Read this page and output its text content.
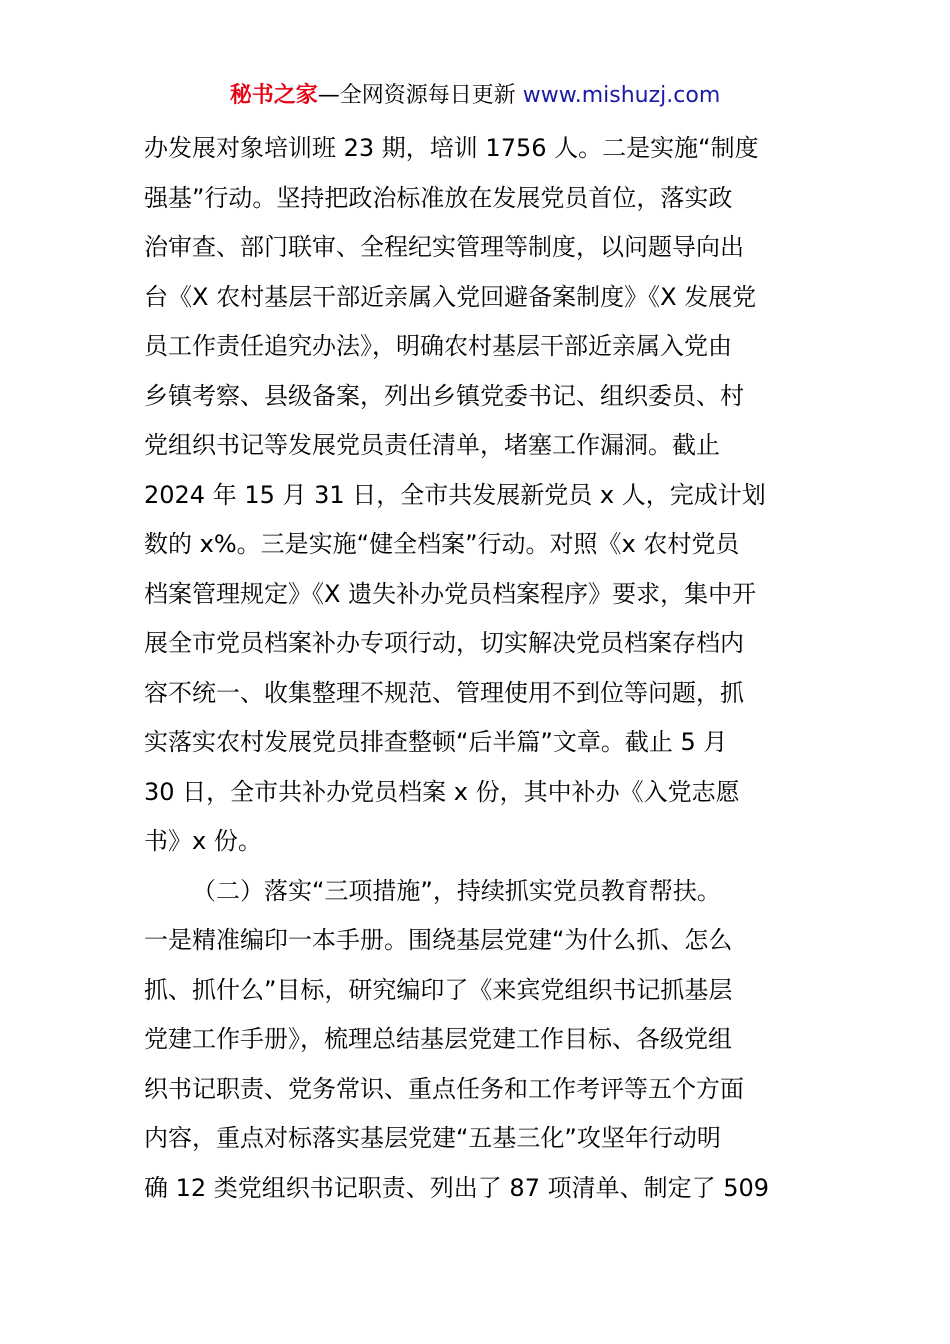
秘书之家—全网资源每日更新 www.mishuzj.com
办发展对象培训班 23 期，培训 1756 人。二是实施“制度
强基”行动。坚持把政治标准放在发展党员首位，落实政
治审查、部门联审、全程纪实管理等制度，以问题导向出
台《X 农村基层干部近亲属入党回避备案制度》《X 发展党
员工作责任追究办法》，明确农村基层干部近亲属入党由
乡镇考察、县级备案，列出乡镇党委书记、组织委员、村
党组织书记等发展党员责任清单，堵塞工作漏洞。截止
2024 年 15 月 31 日，全市共发展新党员 x 人，完成计划
数的 x%。三是实施“健全档案”行动。对照《x 农村党员
档案管理规定》《X 遗失补办党员档案程序》要求，集中开
展全市党员档案补办专项行动，切实解决党员档案存档内
容不统一、收集整理不规范、管理使用不到位等问题，抓
实落实农村发展党员排查整顿“后半篇”文章。截止 5 月
30 日，全市共补办党员档案 x 份，其中补办《入党志愿
书》x 份。
（二）落实“三项措施”，持续抓实党员教育帮扶。
一是精准编印一本手册。围绕基层党建“为什么抓、怎么
抓、抓什么”目标，研究编印了《来宾党组织书记抓基层
党建工作手册》，梳理总结基层党建工作目标、各级党组
织书记职责、党务常识、重点任务和工作考评等五个方面
内容，重点对标落实基层党建“五基三化”攻坚年行动明
确 12 类党组织书记职责、列出了 87 项清单、制定了 509
